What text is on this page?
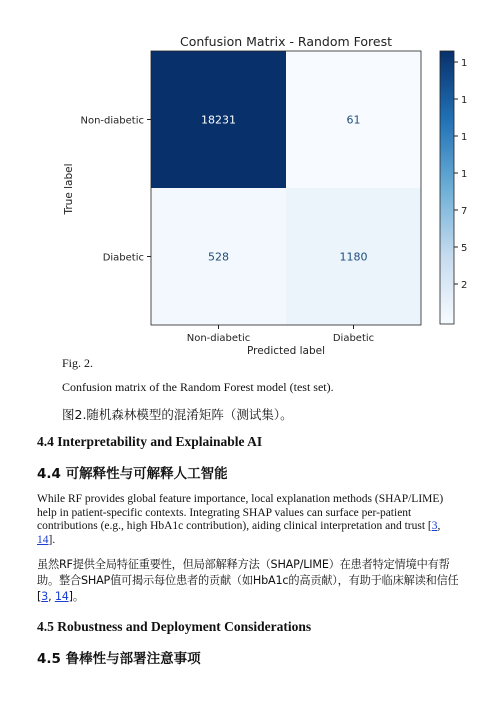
Confusion Matrix - Random Forest
18231	61
528	1180
Non-diabetic	Diabetic
Non-diabetic
Diabetic
Predicted label
True label
1
1
1
1
7
5
2

Fig. 2.

Confusion matrix of the Random Forest model (test set).

图2.随机森林模型的混淆矩阵（测试集）。

4.4 Interpretability and Explainable AI
4.4 可解释性与可解释人工智能

While RF provides global feature importance, local explanation methods (SHAP/LIME) help in patient-specific contexts. Integrating SHAP values can surface per-patient contributions (e.g., high HbA1c contribution), aiding clinical interpretation and trust [3, 14].

虽然RF提供全局特征重要性，但局部解释方法（SHAP/LIME）在患者特定情境中有帮助。整合SHAP值可揭示每位患者的贡献（如HbA1c的高贡献），有助于临床解读和信任[3, 14]。

4.5 Robustness and Deployment Considerations
4.5 鲁棒性与部署注意事项
